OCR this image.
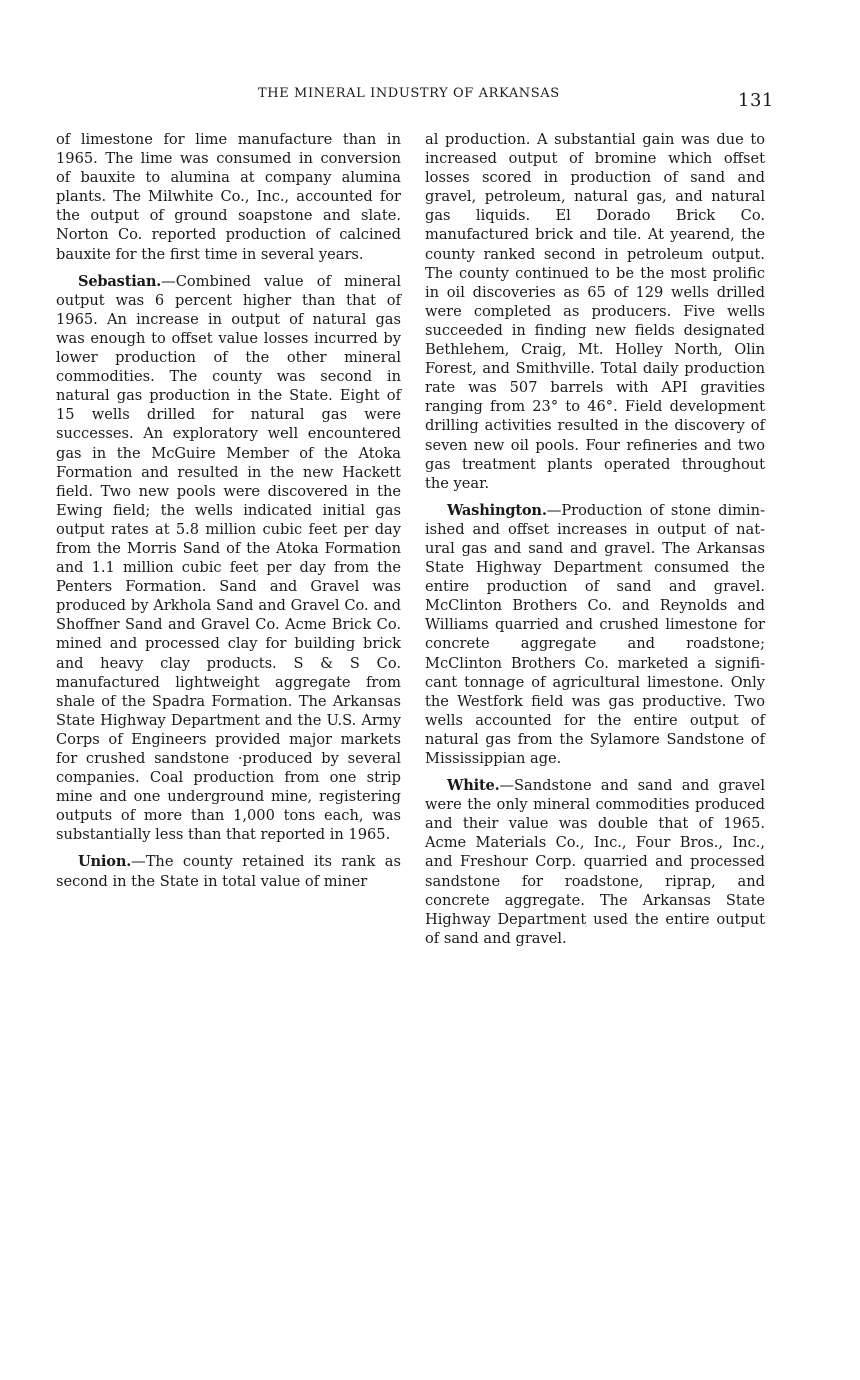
THE MINERAL INDUSTRY OF ARKANSAS	131

of limestone for lime manufacture than in 1965. The lime was consumed in conversion of bauxite to alumina at company alumina plants. The Milwhite Co., Inc., accounted for the output of ground soapstone and slate. Norton Co. reported production of calcined bauxite for the first time in several years.

Sebastian.—Combined value of mineral output was 6 percent higher than that of 1965. An increase in output of natural gas was enough to offset value losses incurred by lower production of the other mineral commodities. The county was second in natural gas production in the State. Eight of 15 wells drilled for natural gas were successes. An exploratory well encountered gas in the McGuire Member of the Atoka Formation and resulted in the new Hackett field. Two new pools were discovered in the Ewing field; the wells indicated initial gas output rates at 5.8 million cubic feet per day from the Morris Sand of the Atoka Formation and 1.1 million cubic feet per day from the Penters Formation. Sand and Gravel was produced by Arkhola Sand and Gravel Co. and Shoffner Sand and Gravel Co. Acme Brick Co. mined and processed clay for building brick and heavy clay products. S & S Co. manufactured lightweight aggregate from shale of the Spadra Formation. The Arkansas State Highway Department and the U.S. Army Corps of Engineers provided major markets for crushed sandstone ·produced by several companies. Coal production from one strip mine and one underground mine, registering outputs of more than 1,000 tons each, was substantially less than that reported in 1965.

Union.—The county retained its rank as second in the State in total value of miner

al production. A substantial gain was due to increased output of bromine which offset losses scored in production of sand and gravel, petroleum, natural gas, and natural gas liquids. El Dorado Brick Co. manufactured brick and tile. At yearend, the county ranked second in petroleum output. The county continued to be the most prolific in oil discoveries as 65 of 129 wells drilled were completed as producers. Five wells succeeded in finding new fields designated Bethlehem, Craig, Mt. Holley North, Olin Forest, and Smithville. Total daily production rate was 507 barrels with API gravities ranging from 23° to 46°. Field development drilling activities resulted in the discovery of seven new oil pools. Four refineries and two gas treatment plants operated throughout the year.

Washington.—Production of stone diminished and offset increases in output of natural gas and sand and gravel. The Arkansas State Highway Department consumed the entire production of sand and gravel. McClinton Brothers Co. and Reynolds and Williams quarried and crushed limestone for concrete aggregate and roadstone; McClinton Brothers Co. marketed a significant tonnage of agricultural limestone. Only the Westfork field was gas productive. Two wells accounted for the entire output of natural gas from the Sylamore Sandstone of Mississippian age.

White.—Sandstone and sand and gravel were the only mineral commodities produced and their value was double that of 1965. Acme Materials Co., Inc., Four Bros., Inc., and Freshour Corp. quarried and processed sandstone for roadstone, riprap, and concrete aggregate. The Arkansas State Highway Department used the entire output of sand and gravel.
